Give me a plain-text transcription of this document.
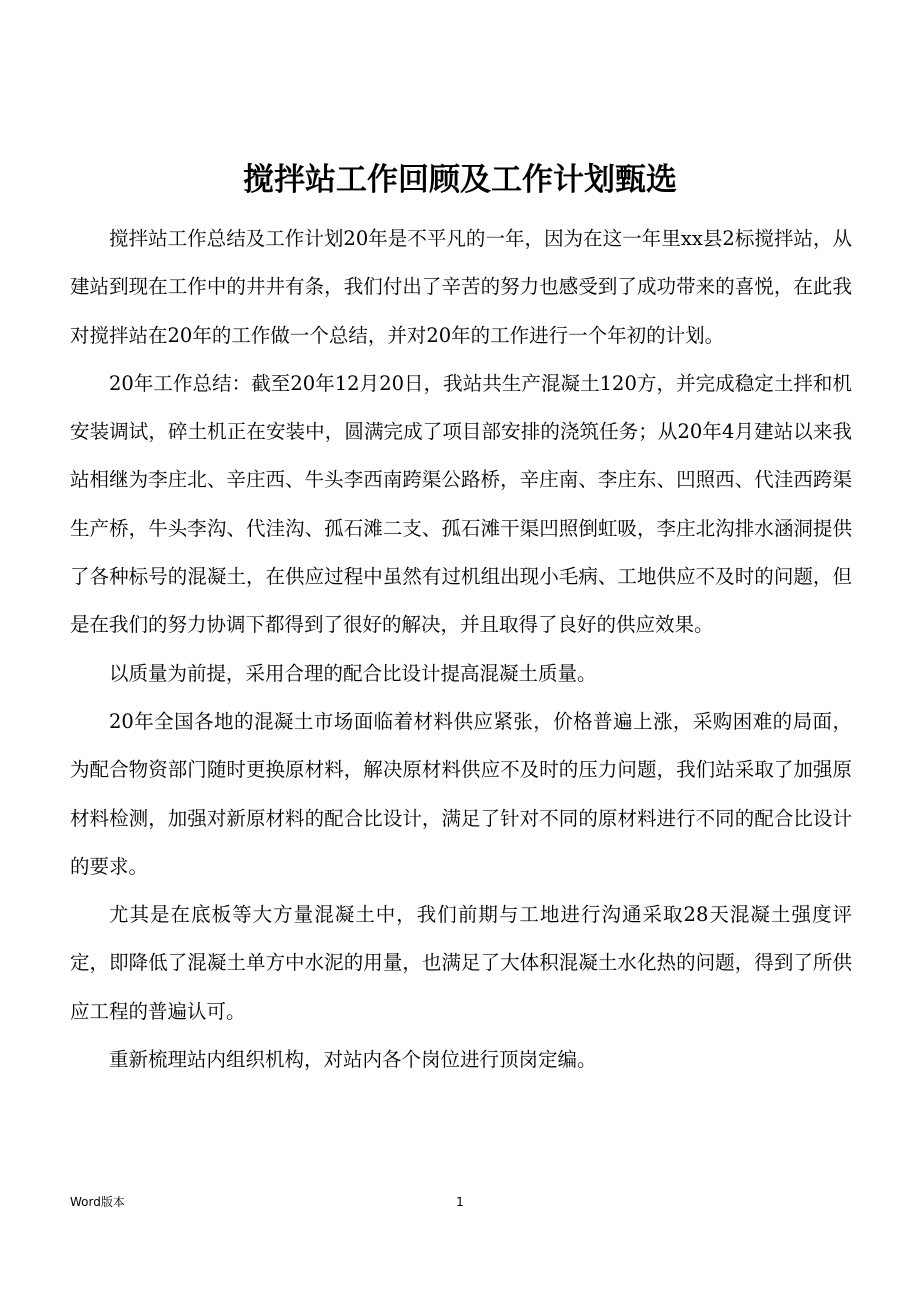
搅拌站工作回顾及工作计划甄选

搅拌站工作总结及工作计划20年是不平凡的一年，因为在这一年里xx县2标搅拌站，从建站到现在工作中的井井有条，我们付出了辛苦的努力也感受到了成功带来的喜悦，在此我对搅拌站在20年的工作做一个总结，并对20年的工作进行一个年初的计划。

20年工作总结：截至20年12月20日，我站共生产混凝土120方，并完成稳定土拌和机安装调试，碎土机正在安装中，圆满完成了项目部安排的浇筑任务；从20年4月建站以来我站相继为李庄北、辛庄西、牛头李西南跨渠公路桥，辛庄南、李庄东、凹照西、代洼西跨渠生产桥，牛头李沟、代洼沟、孤石滩二支、孤石滩干渠凹照倒虹吸，李庄北沟排水涵洞提供了各种标号的混凝土，在供应过程中虽然有过机组出现小毛病、工地供应不及时的问题，但是在我们的努力协调下都得到了很好的解决，并且取得了良好的供应效果。

以质量为前提，采用合理的配合比设计提高混凝土质量。

20年全国各地的混凝土市场面临着材料供应紧张，价格普遍上涨，采购困难的局面，为配合物资部门随时更换原材料，解决原材料供应不及时的压力问题，我们站采取了加强原材料检测，加强对新原材料的配合比设计，满足了针对不同的原材料进行不同的配合比设计的要求。

尤其是在底板等大方量混凝土中，我们前期与工地进行沟通采取28天混凝土强度评定，即降低了混凝土单方中水泥的用量，也满足了大体积混凝土水化热的问题，得到了所供应工程的普遍认可。

重新梳理站内组织机构，对站内各个岗位进行顶岗定编。

Word版本	1
